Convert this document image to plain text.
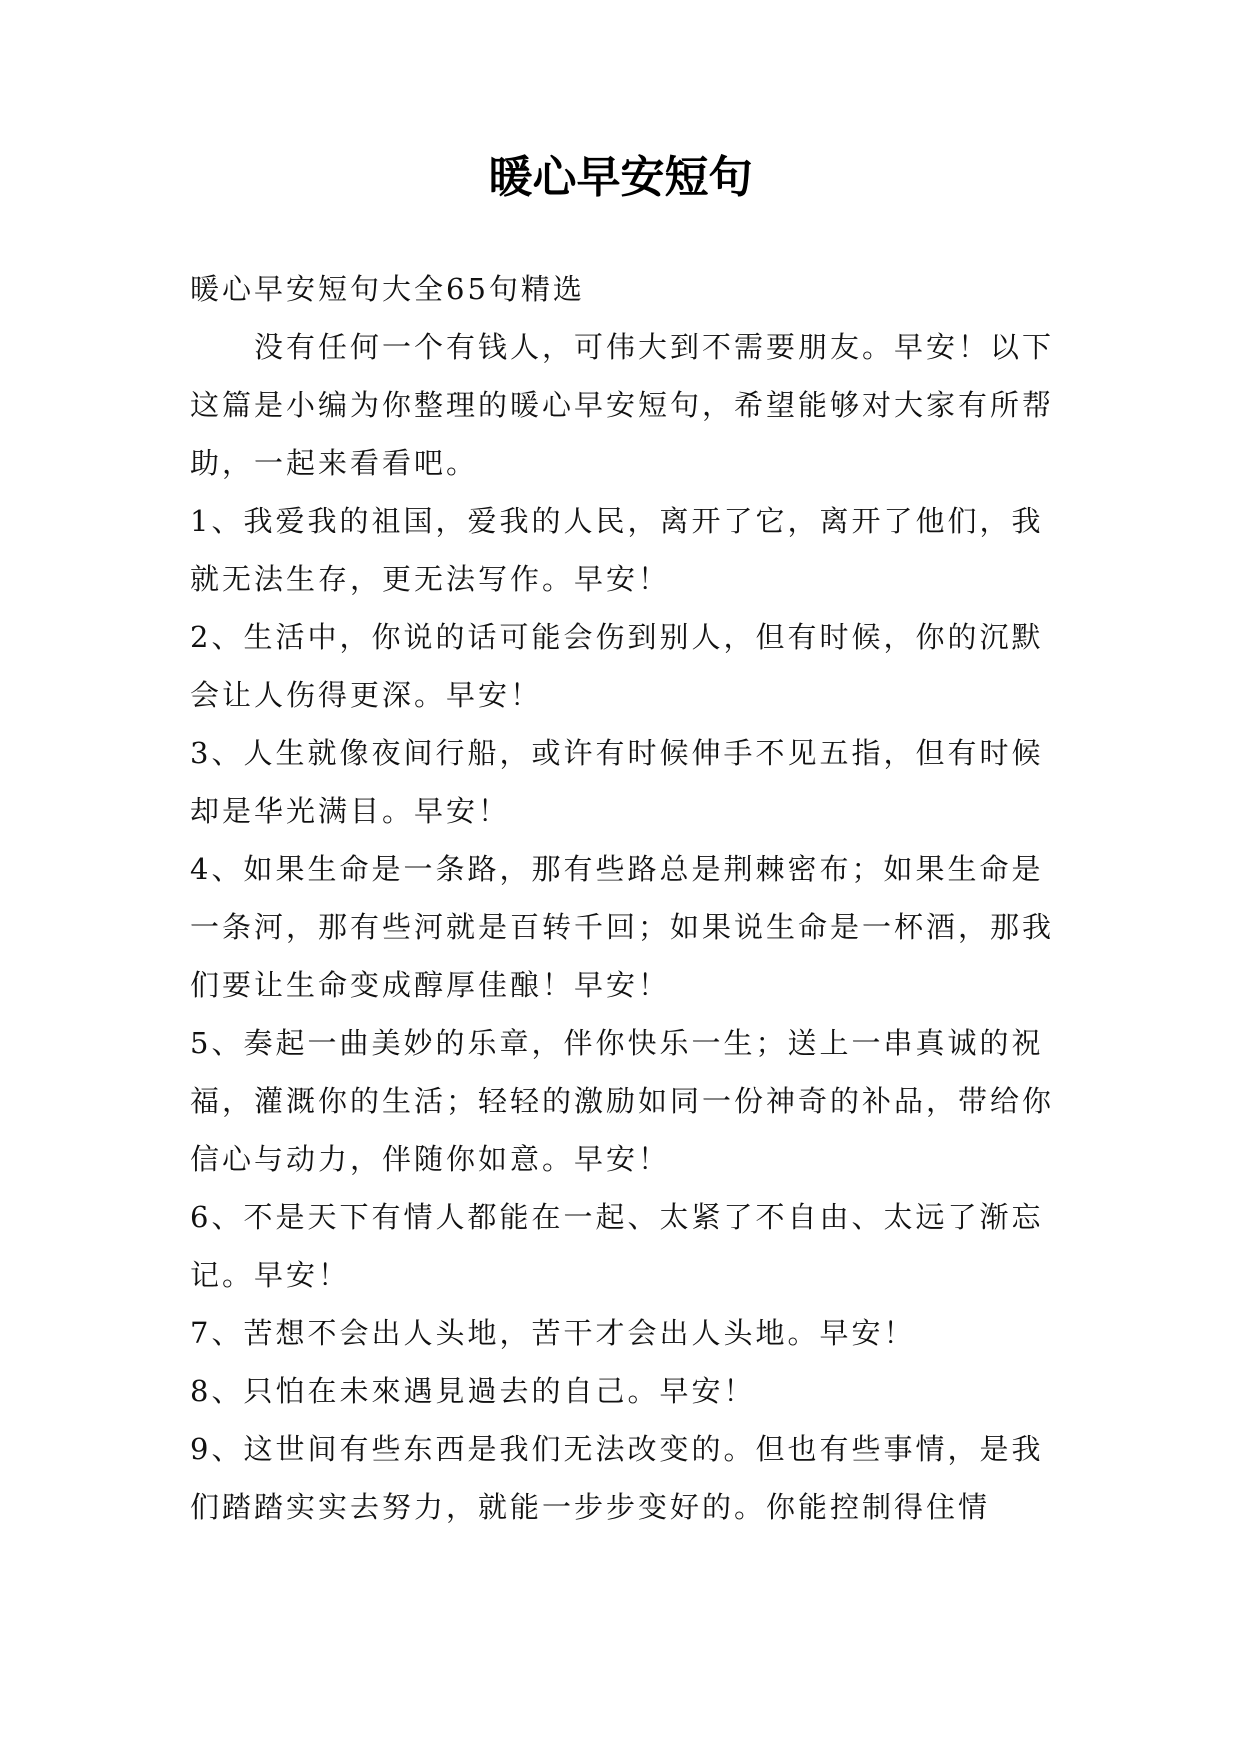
暖心早安短句

暖心早安短句大全65句精选

没有任何一个有钱人，可伟大到不需要朋友。早安！以下这篇是小编为你整理的暖心早安短句，希望能够对大家有所帮助，一起来看看吧。

1、我爱我的祖国，爱我的人民，离开了它，离开了他们，我就无法生存，更无法写作。早安！

2、生活中，你说的话可能会伤到别人，但有时候，你的沉默会让人伤得更深。早安！

3、人生就像夜间行船，或许有时候伸手不见五指，但有时候却是华光满目。早安！

4、如果生命是一条路，那有些路总是荆棘密布；如果生命是一条河，那有些河就是百转千回；如果说生命是一杯酒，那我们要让生命变成醇厚佳酿！早安！

5、奏起一曲美妙的乐章，伴你快乐一生；送上一串真诚的祝福，灌溉你的生活；轻轻的激励如同一份神奇的补品，带给你信心与动力，伴随你如意。早安！

6、不是天下有情人都能在一起、太紧了不自由、太远了渐忘记。早安！

7、苦想不会出人头地，苦干才会出人头地。早安！

8、只怕在未來遇見過去的自己。早安！

9、这世间有些东西是我们无法改变的。但也有些事情，是我们踏踏实实去努力，就能一步步变好的。你能控制得住情
